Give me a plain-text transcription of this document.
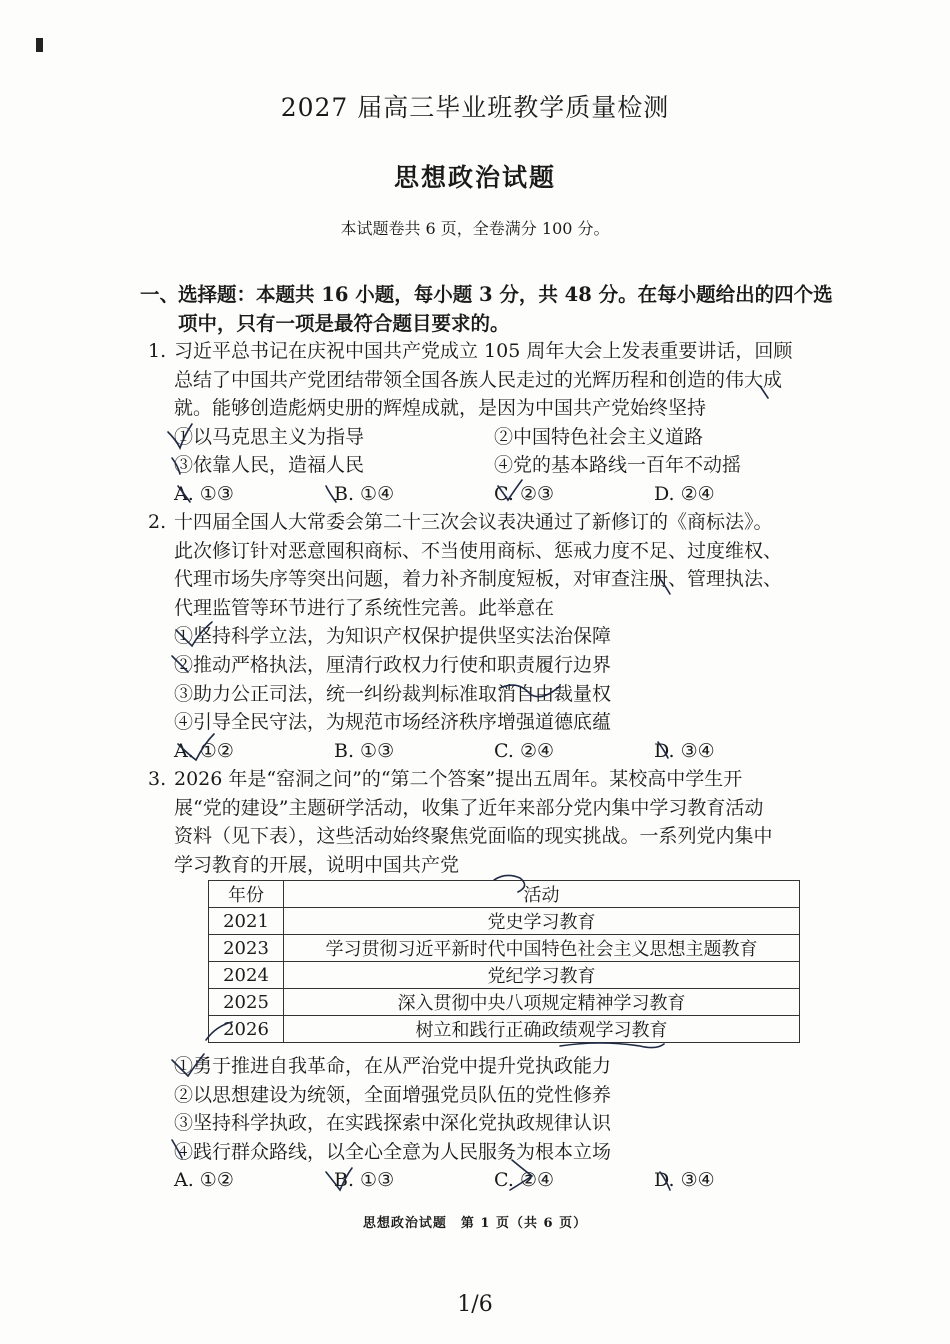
2027 届高三毕业班教学质量检测
思想政治试题
本试题卷共 6 页，全卷满分 100 分。
一、选择题：本题共 16 小题，每小题 3 分，共 48 分。在每小题给出的四个选
项中，只有一项是最符合题目要求的。
1. 习近平总书记在庆祝中国共产党成立 105 周年大会上发表重要讲话，回顾
总结了中国共产党团结带领全国各族人民走过的光辉历程和创造的伟大成
就。能够创造彪炳史册的辉煌成就，是因为中国共产党始终坚持
①以马克思主义为指导	②中国特色社会主义道路
③依靠人民，造福人民	④党的基本路线一百年不动摇
A. ①③	B. ①④	C. ②③	D. ②④
2. 十四届全国人大常委会第二十三次会议表决通过了新修订的《商标法》。
此次修订针对恶意囤积商标、不当使用商标、惩戒力度不足、过度维权、
代理市场失序等突出问题，着力补齐制度短板，对审查注册、管理执法、
代理监管等环节进行了系统性完善。此举意在
①坚持科学立法，为知识产权保护提供坚实法治保障
②推动严格执法，厘清行政权力行使和职责履行边界
③助力公正司法，统一纠纷裁判标准取消自由裁量权
④引导全民守法，为规范市场经济秩序增强道德底蕴
A. ①②	B. ①③	C. ②④	D. ③④
3. 2026 年是“窑洞之问”的“第二个答案”提出五周年。某校高中学生开
展“党的建设”主题研学活动，收集了近年来部分党内集中学习教育活动
资料（见下表），这些活动始终聚焦党面临的现实挑战。一系列党内集中
学习教育的开展，说明中国共产党
年份	活动
2021	党史学习教育
2023	学习贯彻习近平新时代中国特色社会主义思想主题教育
2024	党纪学习教育
2025	深入贯彻中央八项规定精神学习教育
2026	树立和践行正确政绩观学习教育
①勇于推进自我革命，在从严治党中提升党执政能力
②以思想建设为统领，全面增强党员队伍的党性修养
③坚持科学执政，在实践探索中深化党执政规律认识
④践行群众路线，以全心全意为人民服务为根本立场
A. ①②	B. ①③	C. ②④	D. ③④
思想政治试题　第 1 页（共 6 页）
1/6
